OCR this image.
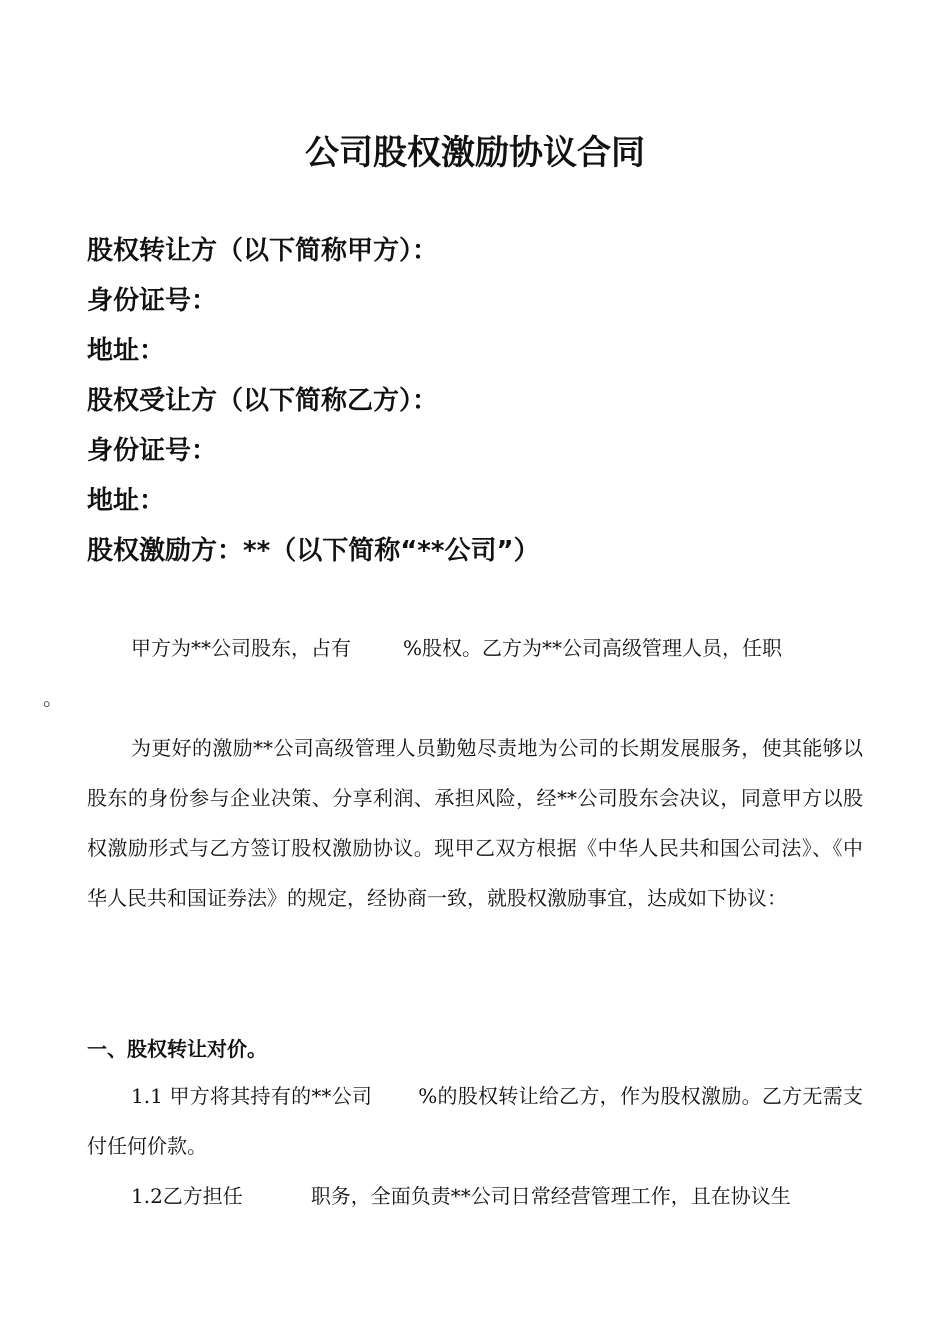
公司股权激励协议合同
股权转让方（以下简称甲方）：
身份证号：
地址：
股权受让方（以下简称乙方）：
身份证号：
地址：
股权激励方：**（以下简称“**公司”）

甲方为**公司股东，占有	%股权。乙方为**公司高级管理人员，任职
。

为更好的激励**公司高级管理人员勤勉尽责地为公司的长期发展服务，使其能够以股东的身份参与企业决策、分享利润、承担风险，经**公司股东会决议，同意甲方以股权激励形式与乙方签订股权激励协议。现甲乙双方根据《中华人民共和国公司法》、《中华人民共和国证券法》的规定，经协商一致，就股权激励事宜，达成如下协议：

一、股权转让对价。

1.1 甲方将其持有的**公司 %的股权转让给乙方，作为股权激励。乙方无需支付任何价款。

1.2乙方担任	职务，全面负责**公司日常经营管理工作，且在协议生
